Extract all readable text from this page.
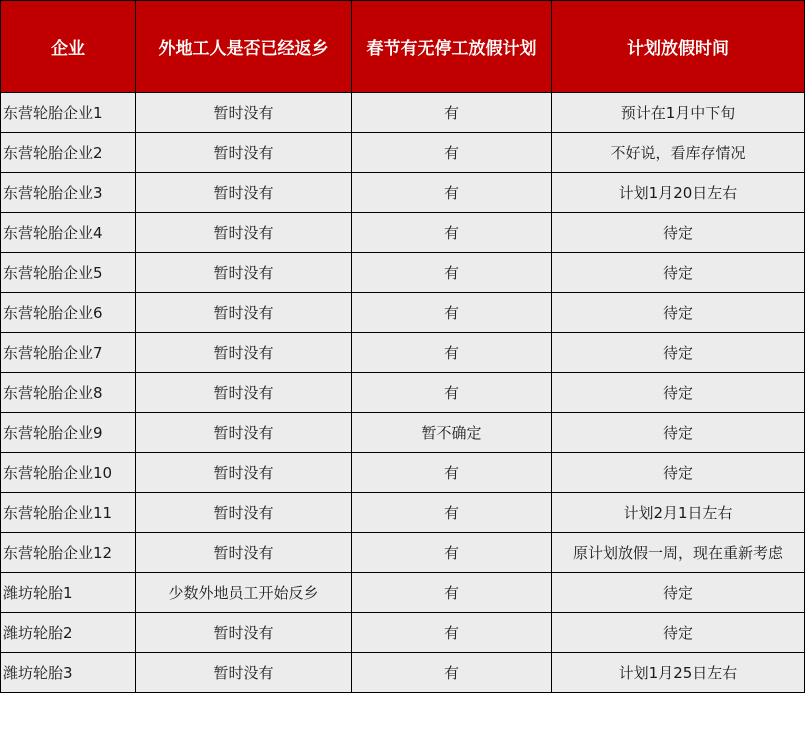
企业	外地工人是否已经返乡	春节有无停工放假计划	计划放假时间
东营轮胎企业1	暂时没有	有	预计在1月中下旬
东营轮胎企业2	暂时没有	有	不好说，看库存情况
东营轮胎企业3	暂时没有	有	计划1月20日左右
东营轮胎企业4	暂时没有	有	待定
东营轮胎企业5	暂时没有	有	待定
东营轮胎企业6	暂时没有	有	待定
东营轮胎企业7	暂时没有	有	待定
东营轮胎企业8	暂时没有	有	待定
东营轮胎企业9	暂时没有	暂不确定	待定
东营轮胎企业10	暂时没有	有	待定
东营轮胎企业11	暂时没有	有	计划2月1日左右
东营轮胎企业12	暂时没有	有	原计划放假一周，现在重新考虑
潍坊轮胎1	少数外地员工开始反乡	有	待定
潍坊轮胎2	暂时没有	有	待定
潍坊轮胎3	暂时没有	有	计划1月25日左右
